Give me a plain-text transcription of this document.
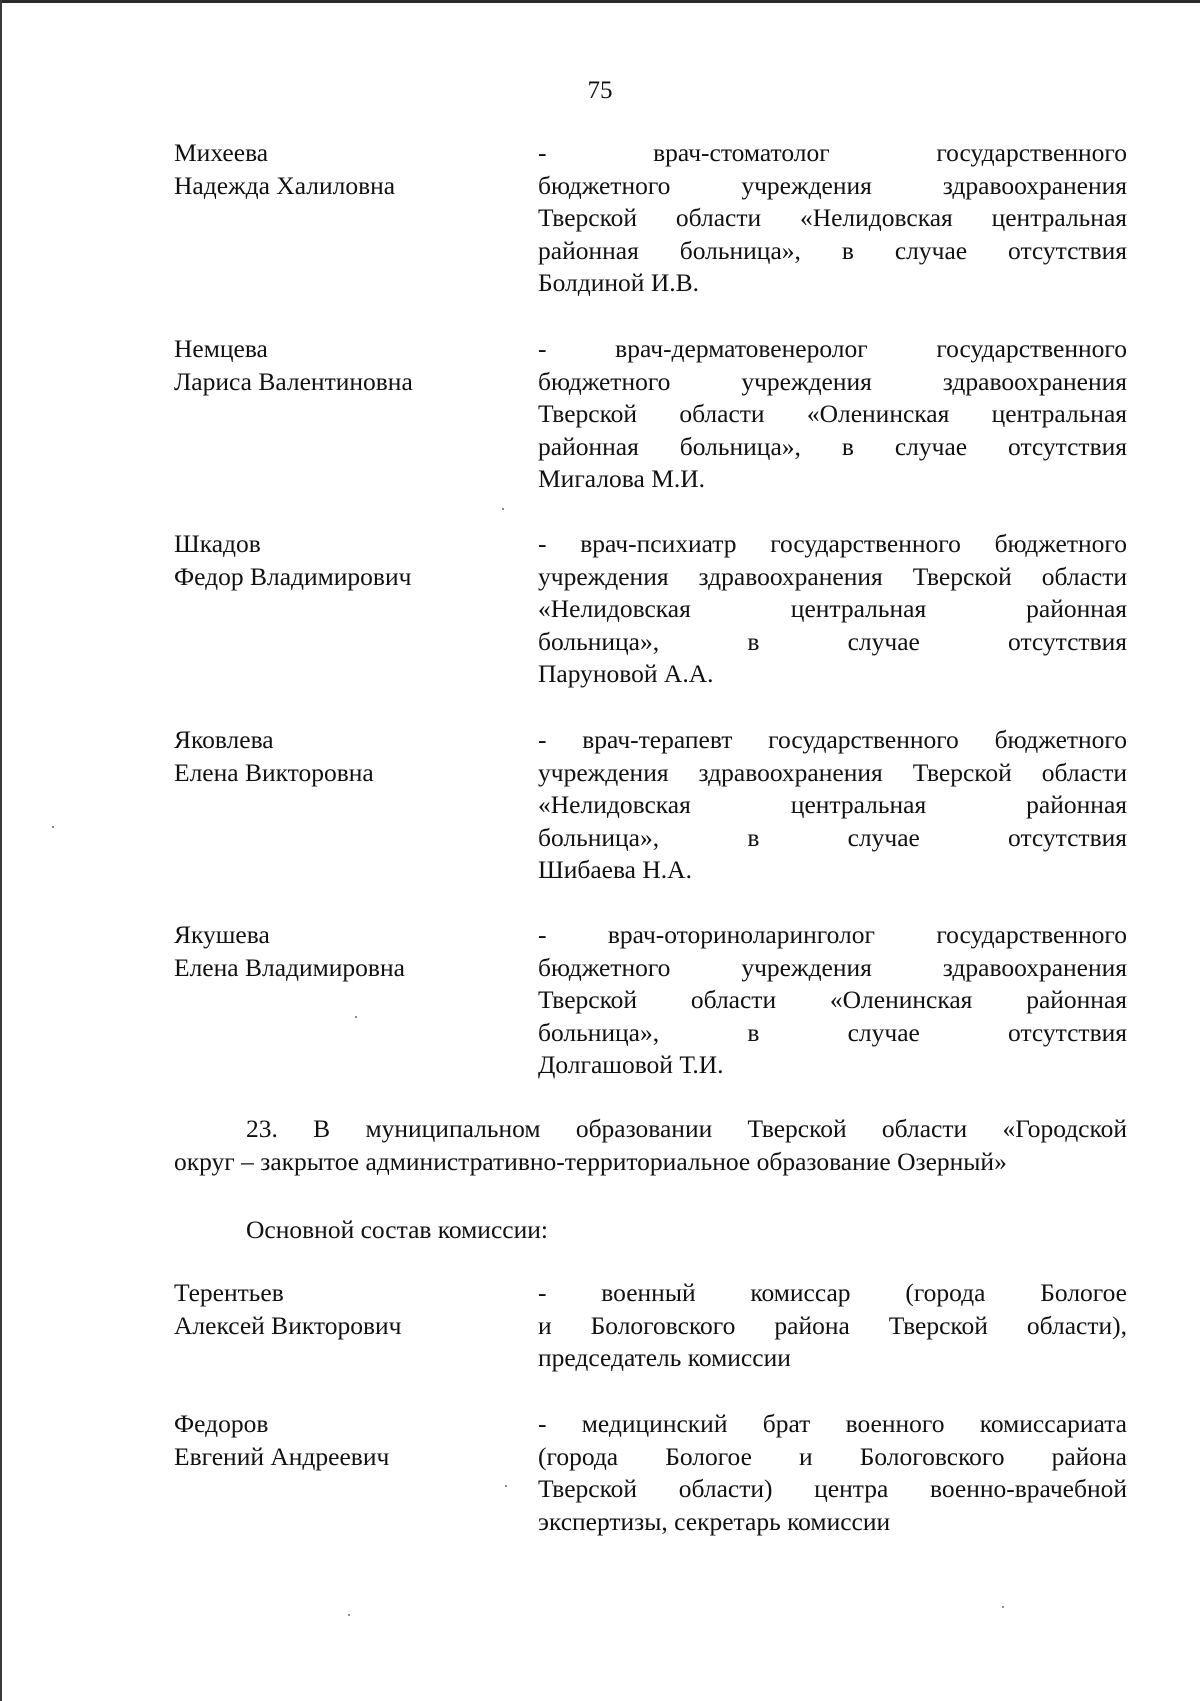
75
Михеева
Надежда Халиловна
- врач-стоматолог государственного
бюджетного учреждения здравоохранения
Тверской области «Нелидовская центральная
районная больница», в случае отсутствия
Болдиной И.В.
Немцева
Лариса Валентиновна
- врач-дерматовенеролог государственного
бюджетного учреждения здравоохранения
Тверской области «Оленинская центральная
районная больница», в случае отсутствия
Мигалова М.И.
Шкадов
Федор Владимирович
- врач-психиатр государственного бюджетного
учреждения здравоохранения Тверской области
«Нелидовская центральная районная
больница», в случае отсутствия
Паруновой А.А.
Яковлева
Елена Викторовна
- врач-терапевт государственного бюджетного
учреждения здравоохранения Тверской области
«Нелидовская центральная районная
больница», в случае отсутствия
Шибаева Н.А.
Якушева
Елена Владимировна
- врач-оториноларинголог государственного
бюджетного учреждения здравоохранения
Тверской области «Оленинская районная
больница», в случае отсутствия
Долгашовой Т.И.
23. В муниципальном образовании Тверской области «Городской
округ – закрытое административно-территориальное образование Озерный»
Основной состав комиссии:
Терентьев
Алексей Викторович
- военный комиссар (города Бологое
и Бологовского района Тверской области),
председатель комиссии
Федоров
Евгений Андреевич
- медицинский брат военного комиссариата
(города Бологое и Бологовского района
Тверской области) центра военно-врачебной
экспертизы, секретарь комиссии
